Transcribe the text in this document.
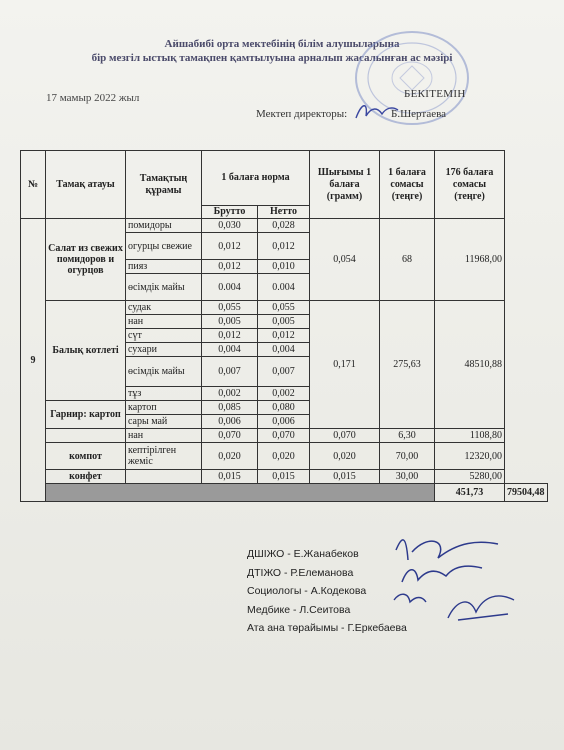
Айшабибі орта мектебінің білім алушыларына
бір мезгіл ыстық тамақпен қамтылуына арналып жасалынған ас мәзірі
17 мамыр 2022 жыл	БЕКІТЕМІН
Мектеп директоры:	Б.Шертаева
№	Тамақ атауы	Тамақтың құрамы	1 балаға норма		Шығымы 1 балаға (грамм)	1 балаға сомасы (теңге)	176 балаға сомасы (теңге)	
			Брутто	Нетто				
9	Салат из свежих помидоров и огурцов	помидоры	0,030	0,028	0,054	68	11968,00	
		огурцы свежие	0,012	0,012				
		пияз	0,012	0,010				
		өсімдік майы	0.004	0.004				
	Балық котлеті	судак	0,055	0,055	0,171	275,63	48510,88	
		нан	0,005	0,005				
		сүт	0,012	0,012				
		сухари	0,004	0,004				
		өсімдік майы	0,007	0,007				
		тұз	0,002	0,002				
	Гарнир: картоп	картоп	0,085	0,080				
		сары май	0,006	0,006				
		нан	0,070	0,070	0,070	6,30	1108,80	
	компот	кептірілген жеміс	0,020	0,020	0,020	70,00	12320,00	
	конфет		0,015	0,015	0,015	30,00	5280,00	
							451,73	79504,48
ДШІЖО - Е.Жанабеков
ДТІЖО - Р.Елеманова
Социологы - А.Кодекова
Медбике - Л.Сеитова
Ата ана төрайымы - Г.Еркебаева
